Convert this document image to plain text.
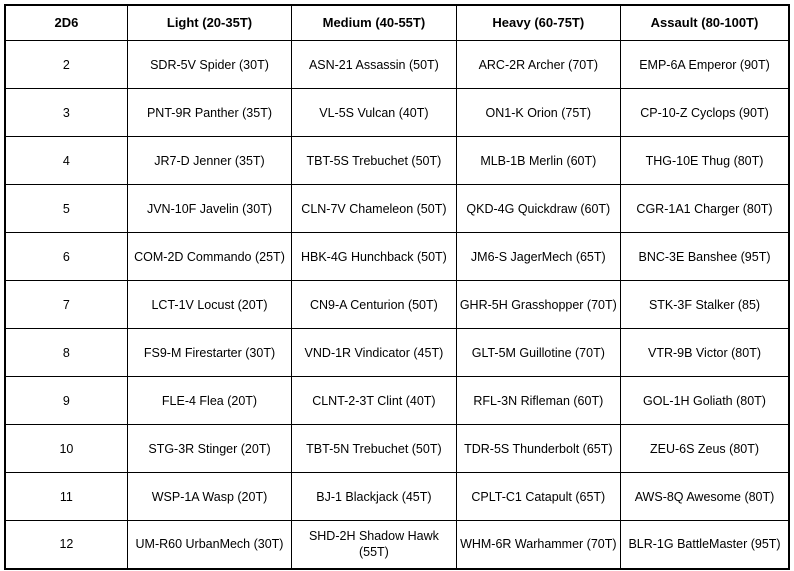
2D6	Light (20-35T)	Medium (40-55T)	Heavy (60-75T)	Assault (80-100T)
2	SDR-5V Spider (30T)	ASN-21 Assassin (50T)	ARC-2R Archer (70T)	EMP-6A Emperor (90T)
3	PNT-9R Panther (35T)	VL-5S Vulcan (40T)	ON1-K Orion (75T)	CP-10-Z Cyclops (90T)
4	JR7-D Jenner (35T)	TBT-5S Trebuchet (50T)	MLB-1B Merlin (60T)	THG-10E Thug (80T)
5	JVN-10F Javelin (30T)	CLN-7V Chameleon (50T)	QKD-4G Quickdraw (60T)	CGR-1A1 Charger (80T)
6	COM-2D Commando (25T)	HBK-4G Hunchback (50T)	JM6-S JagerMech (65T)	BNC-3E Banshee (95T)
7	LCT-1V Locust (20T)	CN9-A Centurion (50T)	GHR-5H Grasshopper (70T)	STK-3F Stalker (85)
8	FS9-M Firestarter (30T)	VND-1R Vindicator (45T)	GLT-5M Guillotine (70T)	VTR-9B Victor (80T)
9	FLE-4 Flea (20T)	CLNT-2-3T Clint (40T)	RFL-3N Rifleman (60T)	GOL-1H Goliath (80T)
10	STG-3R Stinger (20T)	TBT-5N Trebuchet (50T)	TDR-5S Thunderbolt (65T)	ZEU-6S Zeus (80T)
11	WSP-1A Wasp (20T)	BJ-1 Blackjack (45T)	CPLT-C1 Catapult (65T)	AWS-8Q Awesome (80T)
12	UM-R60 UrbanMech (30T)	SHD-2H Shadow Hawk (55T)	WHM-6R Warhammer (70T)	BLR-1G BattleMaster (95T)
